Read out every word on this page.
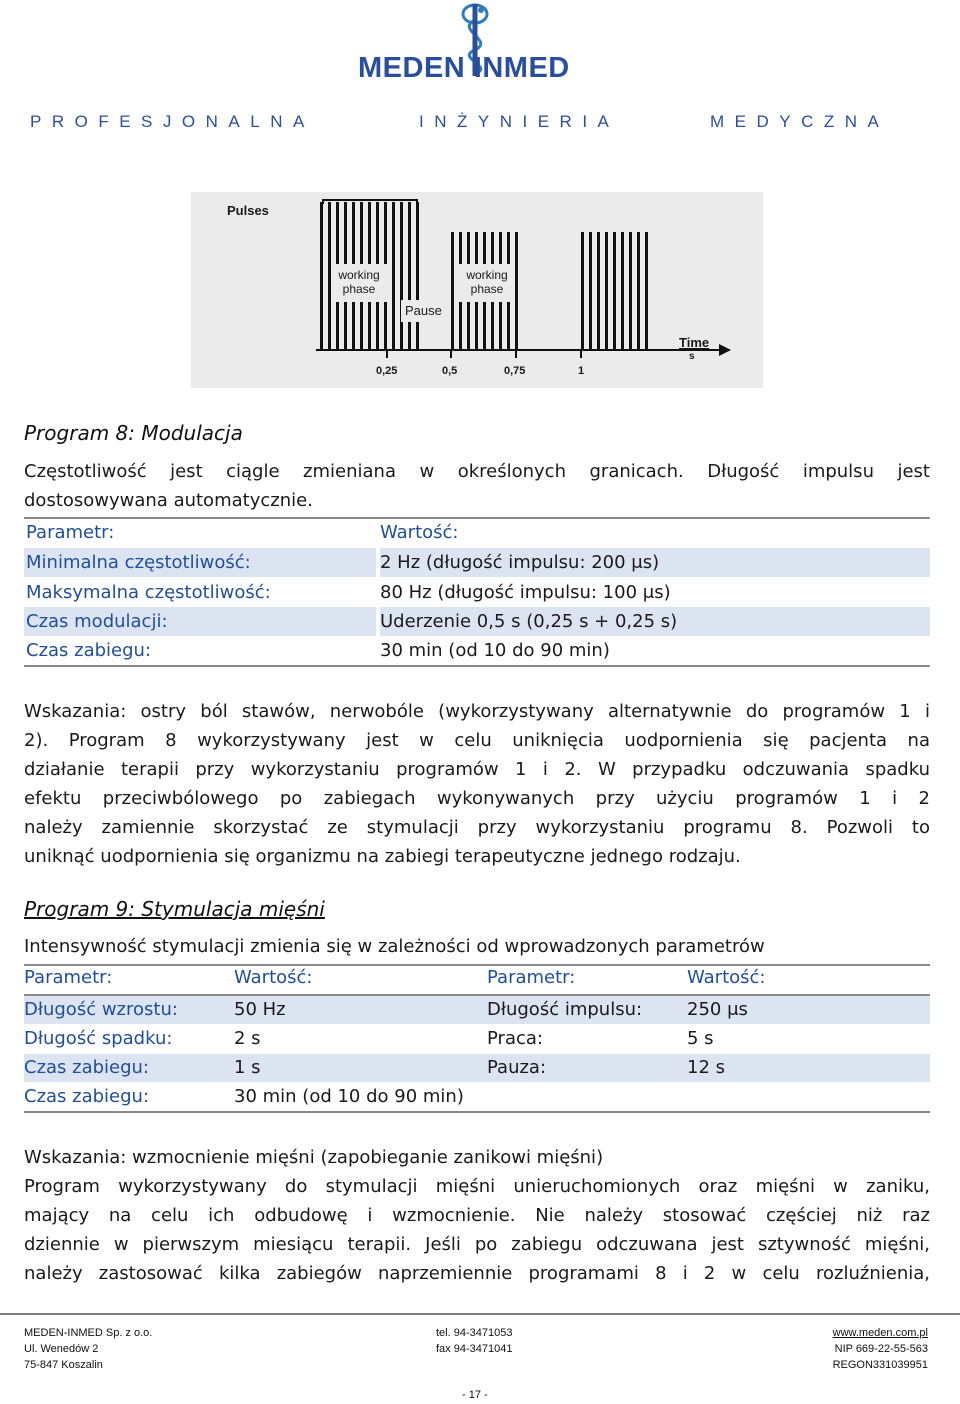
MEDEN INMED
PROFESJONALNA	INŻYNIERIA	MEDYCZNA
Pulses
working
phase
working
phase
Pause
Time
s
0,25	0,5	0,75	1
Program 8: Modulacja
Częstotliwość jest ciągle zmieniana w określonych granicach. Długość impulsu jest
dostosowywana automatycznie.
Parametr:	Wartość:
Minimalna częstotliwość:	2 Hz (długość impulsu: 200 μs)
Maksymalna częstotliwość:	80 Hz (długość impulsu: 100 μs)
Czas modulacji:	Uderzenie 0,5 s (0,25 s + 0,25 s)
Czas zabiegu:	30 min (od 10 do 90 min)
Wskazania: ostry ból stawów, nerwobóle (wykorzystywany alternatywnie do programów 1 i
2). Program 8 wykorzystywany jest w celu uniknięcia uodpornienia się pacjenta na
działanie terapii przy wykorzystaniu programów 1 i 2. W przypadku odczuwania spadku
efektu przeciwbólowego po zabiegach wykonywanych przy użyciu programów 1 i 2
należy zamiennie skorzystać ze stymulacji przy wykorzystaniu programu 8. Pozwoli to
uniknąć uodpornienia się organizmu na zabiegi terapeutyczne jednego rodzaju.
Program 9: Stymulacja mięśni
Intensywność stymulacji zmienia się w zależności od wprowadzonych parametrów
Parametr:	Wartość:	Parametr:	Wartość:
Długość wzrostu:	50 Hz	Długość impulsu: 250 μs
Długość spadku:	2 s	Praca:	5 s
Czas zabiegu:	1 s	Pauza:	12 s
Czas zabiegu:	30 min (od 10 do 90 min)
Wskazania: wzmocnienie mięśni (zapobieganie zanikowi mięśni)
Program wykorzystywany do stymulacji mięśni unieruchomionych oraz mięśni w zaniku,
mający na celu ich odbudowę i wzmocnienie. Nie należy stosować częściej niż raz
dziennie w pierwszym miesiącu terapii. Jeśli po zabiegu odczuwana jest sztywność mięśni,
należy zastosować kilka zabiegów naprzemiennie programami 8 i 2 w celu rozluźnienia,
MEDEN-INMED Sp. z o.o.
Ul. Wenedów 2
75-847 Koszalin
tel. 94-3471053
fax 94-3471041
www.meden.com.pl
NIP 669-22-55-563
REGON331039951
- 17 -
